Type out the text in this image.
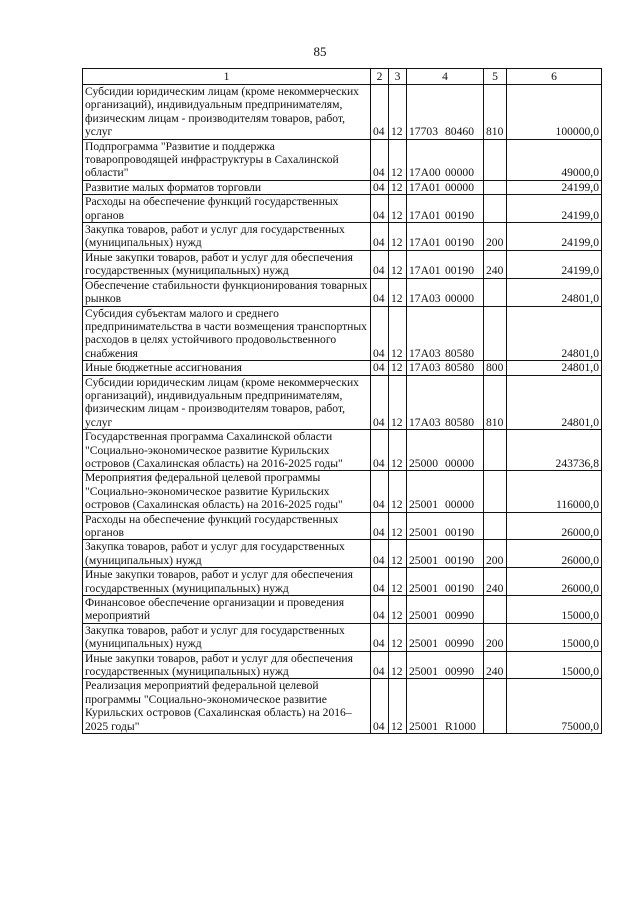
85
1	2	3	4	5	6
Субсидии юридическим лицам (кроме некоммерческих организаций), индивидуальным предпринимателям, физическим лицам - производителям товаров, работ, услуг	04	12	17703 80460	810	100000,0
Подпрограмма "Развитие и поддержка товаропроводящей инфраструктуры в Сахалинской области"	04	12	17А00 00000		49000,0
Развитие малых форматов торговли	04	12	17А01 00000		24199,0
Расходы на обеспечение функций государственных органов	04	12	17А01 00190		24199,0
Закупка товаров, работ и услуг для государственных (муниципальных) нужд	04	12	17А01 00190	200	24199,0
Иные закупки товаров, работ и услуг для обеспечения государственных (муниципальных) нужд	04	12	17А01 00190	240	24199,0
Обеспечение стабильности функционирования товарных рынков	04	12	17А03 00000		24801,0
Субсидия субъектам малого и среднего предпринимательства в части возмещения транспортных расходов в целях устойчивого продовольственного снабжения	04	12	17А03 80580		24801,0
Иные бюджетные ассигнования	04	12	17А03 80580	800	24801,0
Субсидии юридическим лицам (кроме некоммерческих организаций), индивидуальным предпринимателям, физическим лицам - производителям товаров, работ, услуг	04	12	17А03 80580	810	24801,0
Государственная программа Сахалинской области "Социально-экономическое развитие Курильских островов (Сахалинская область) на 2016-2025 годы"	04	12	25000 00000		243736,8
Мероприятия федеральной целевой программы "Социально-экономическое развитие Курильских островов (Сахалинская область) на 2016-2025 годы"	04	12	25001 00000		116000,0
Расходы на обеспечение функций государственных органов	04	12	25001 00190		26000,0
Закупка товаров, работ и услуг для государственных (муниципальных) нужд	04	12	25001 00190	200	26000,0
Иные закупки товаров, работ и услуг для обеспечения государственных (муниципальных) нужд	04	12	25001 00190	240	26000,0
Финансовое обеспечение организации и проведения мероприятий	04	12	25001 00990		15000,0
Закупка товаров, работ и услуг для государственных (муниципальных) нужд	04	12	25001 00990	200	15000,0
Иные закупки товаров, работ и услуг для обеспечения государственных (муниципальных) нужд	04	12	25001 00990	240	15000,0
Реализация мероприятий федеральной целевой программы "Социально-экономическое развитие Курильских островов (Сахалинская область) на 2016–2025 годы"	04	12	25001 R1000		75000,0
